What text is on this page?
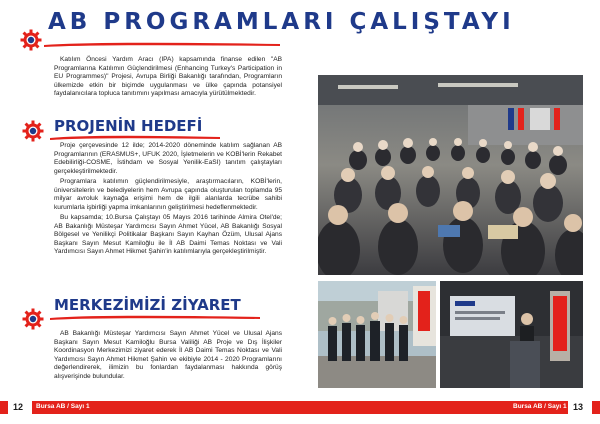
AB PROGRAMLARI ÇALIŞTAYI

Katılım Öncesi Yardım Aracı (IPA) kapsamında finanse edilen "AB Programlarına Katılımın Güçlendirilmesi (Enhancing Turkey's Participation in EU Programmes)" Projesi, Avrupa Birliği Bakanlığı tarafından, Programların ülkemizde etkin bir biçimde uygulanması ve ülke çapında potansiyel faydalanıcılara topluca tanıtımını yapılması amacıyla yürütülmektedir.

PROJENİN HEDEFİ

Proje çerçevesinde 12 ilde; 2014-2020 döneminde katılım sağlanan AB Programlarının (ERASMUS+, UFUK 2020, İşletmelerin ve KOBİ'lerin Rekabet Edebilirliği-COSME, İstihdam ve Sosyal Yenilik-EaSI) tanıtım çalıştayları gerçekleştirilmektedir.

Programlara katılımın güçlendirilmesiyle, araştırmacıların, KOBİ'lerin, üniversitelerin ve belediyelerin hem Avrupa çapında oluşturulan toplamda 95 milyar avroluk kaynağa erişimi hem de ilgili alanlarda tecrübe sahibi kurumlarla işbirliği yapma imkanlarının geliştirilmesi hedeflenmektedir.

Bu kapsamda; 10.Bursa Çalıştayı 05 Mayıs 2016 tarihinde Almira Otel'de; AB Bakanlığı Müsteşar Yardımcısı Sayın Ahmet Yücel, AB Bakanlığı Sosyal Bölgesel ve Yenilikçi Politikalar Başkanı Sayın Kayhan Özüm, Ulusal Ajans Başkanı Sayın Mesut Kamiloğlu ile İl AB Daimi Temas Noktası ve Vali Yardımcısı Sayın Ahmet Hikmet Şahin'in katılımlarıyla gerçekleştirilmiştir.

MERKEZİMİZİ ZİYARET

AB Bakanlığı Müsteşar Yardımcısı Sayın Ahmet Yücel ve Ulusal Ajans Başkanı Sayın Mesut Kamiloğlu Bursa Valiliği AB Proje ve Dış İlişkiler Koordinasyon Merkezimizi ziyaret ederek İl AB Daimi Temas Noktası ve Vali Yardımcısı Sayın Ahmet Hikmet Şahin ve ekibiyle 2014 - 2020 Programlarını değerlendirerek, ilimizin bu fonlardan faydalanması hakkında görüş alışverişinde bulundular.

12 Bursa AB / Sayı 1	Bursa AB / Sayı 1 13
